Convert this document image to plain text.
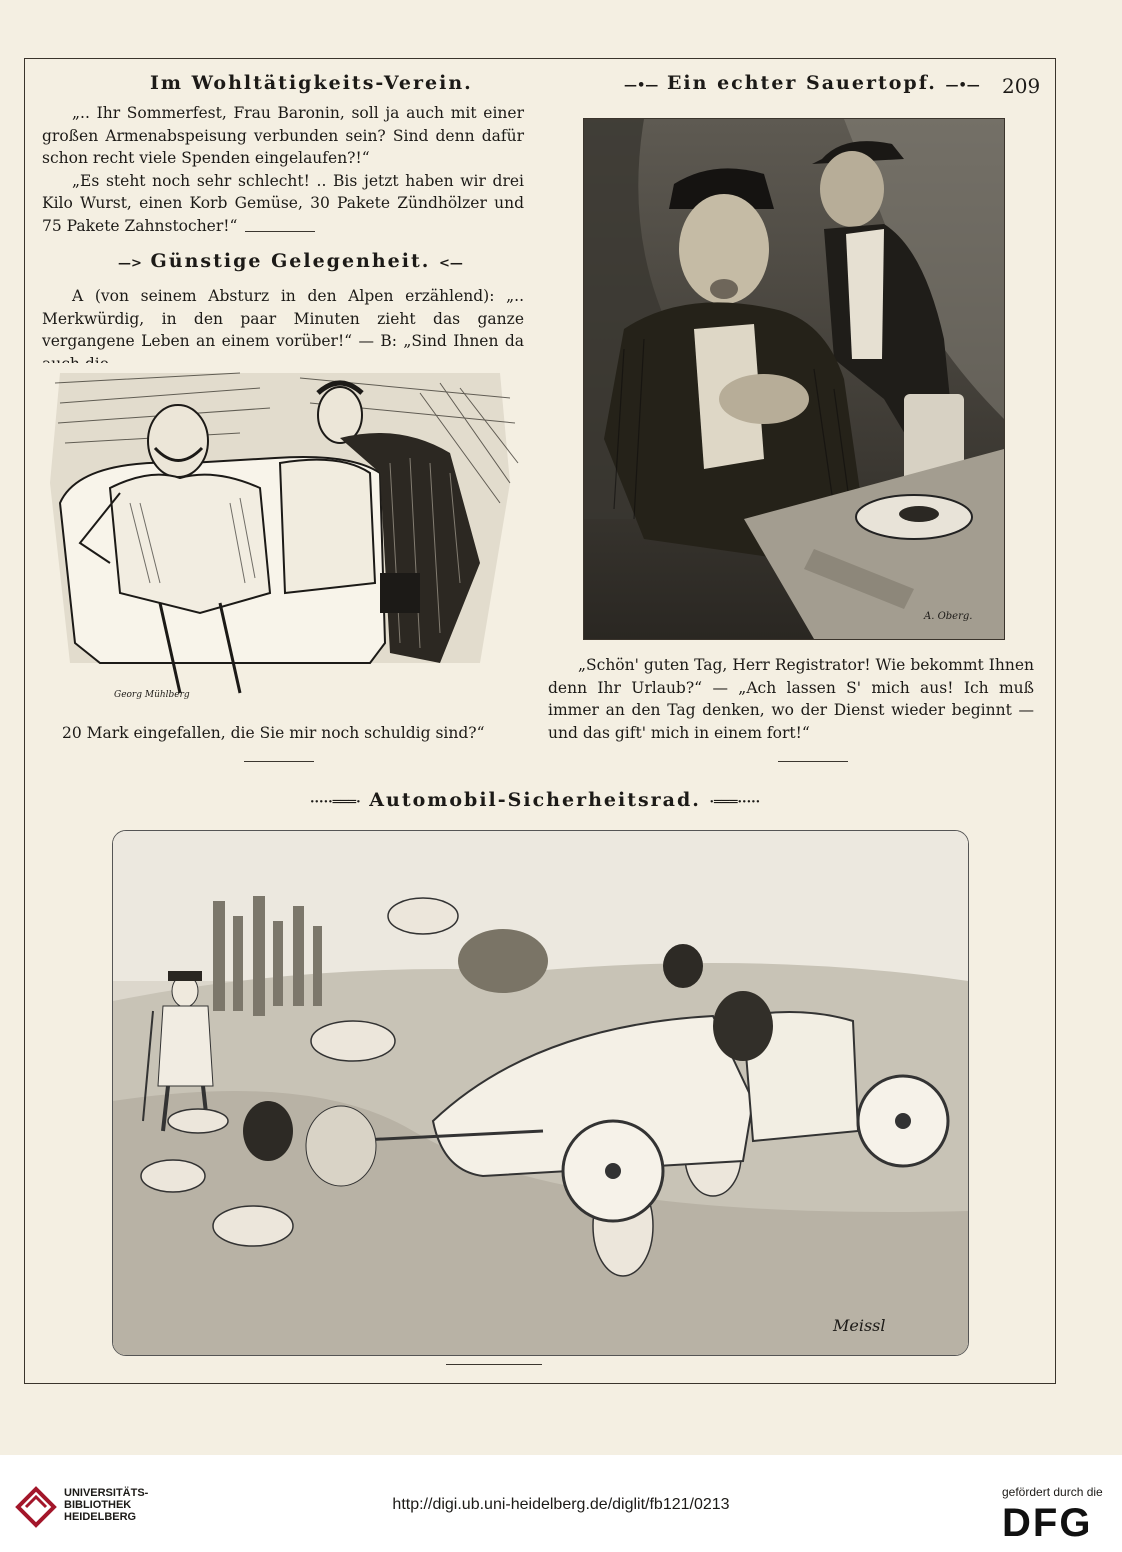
Im Wohltätigkeits-Verein.	—•— Ein echter Sauertopf. —•— 209

„.. Ihr Sommerfest, Frau Baronin, soll ja auch mit einer großen Armenabspeisung verbunden sein? Sind denn dafür schon recht viele Spenden eingelaufen?!“

„Es steht noch sehr schlecht! .. Bis jetzt haben wir drei Kilo Wurst, einen Korb Gemüse, 30 Pakete Zündhölzer und 75 Pakete Zahnstocher!“

—> Günstige Gelegenheit. <—

A (von seinem Absturz in den Alpen erzählend): „.. Merkwürdig, in den paar Minuten zieht das ganze vergangene Leben an einem vorüber!“ — B: „Sind Ihnen da

Georg Mühlberg
20 Mark eingefallen, die Sie mir noch schuldig sind?“
A. Oberg.

„Schön' guten Tag, Herr Registrator! Wie bekommt Ihnen denn Ihr Urlaub?“ — „Ach lassen S' mich aus! Ich muß immer an den Tag denken, wo der Dienst wieder beginnt — und das gift' mich in einem fort!“

·····═══· Automobil-Sicherheitsrad. ·═══·····
Meissl
UNIVERSITÄTS-
BIBLIOTHEK
HEIDELBERG
http://digi.ub.uni-heidelberg.de/diglit/fb121/0213
gefördert durch die
DFG
